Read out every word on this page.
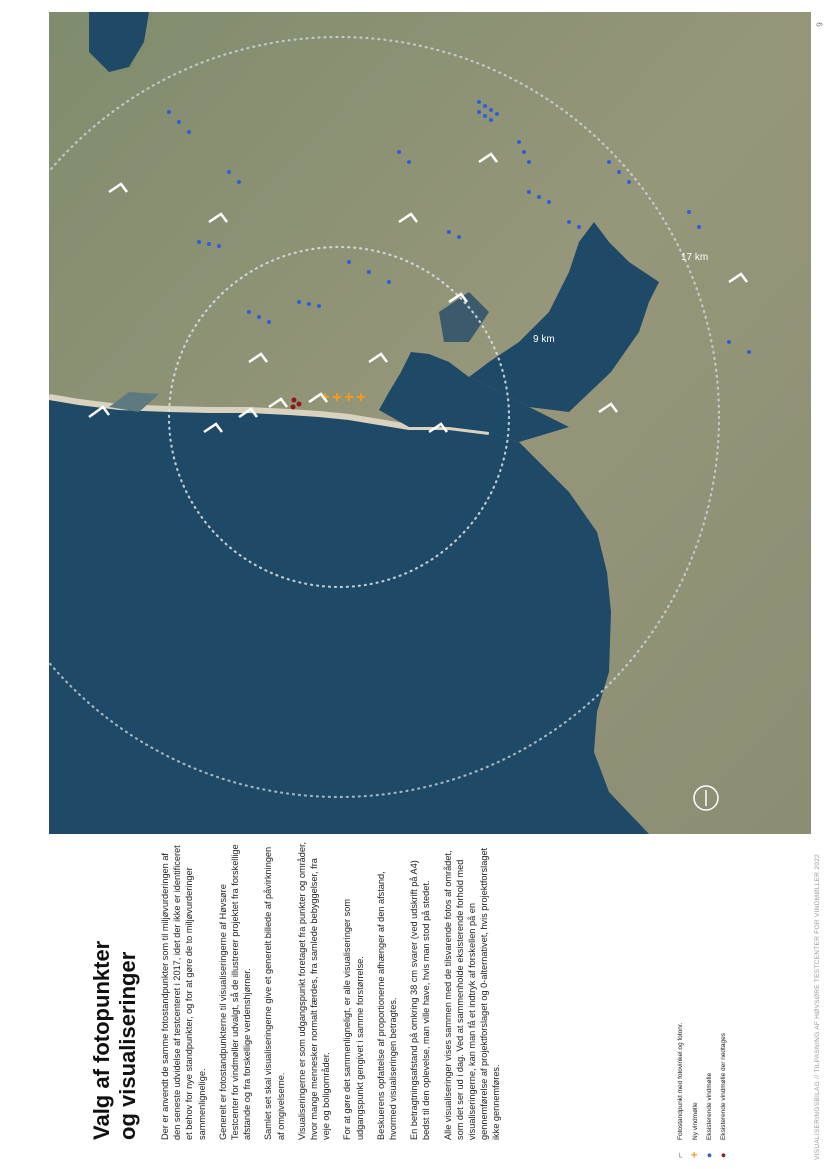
6
9 km
17 km
Valg af fotopunkter og visualiseringer Der er anvendt de samme fotostandpunkter som til miljøvurderingen af den seneste udvidelse af testcenteret i 2017, idet der ikke er identificeret et behov for nye standpunkter, og for at gøre de to miljøvurderinger sammenlignelige. Generelt er fotostandpunkterne til visualiseringerne af Høvsøre Testcenter for vindmøller udvalgt, så de illustrerer projektet fra forskellige afstande og fra forskellige verdenshjørner. Samlet set skal visualiseringerne give et generelt billede af påvirkningen af omgivelserne. Visualiseringerne er som udgangspunkt foretaget fra punkter og områder, hvor mange mennesker normalt færdes, fra samlede bebyggelser, fra veje og boligområder. For at gøre det sammenligneligt, er alle visualiseringer som udgangspunkt gengivet i samme forstørrelse. Beskuerens opfattelse af proportionerne afhænger af den afstand, hvormed visualiseringen betragtes. En betragtningsafstand på omkring 38 cm svarer (ved udskrift på A4) bedst til den oplevelse, man ville have, hvis man stod på stedet. Alle visualiseringer vises sammen med de tilsvarende fotos af området, som det ser ud i dag. Ved at sammenholde eksisterende forhold med visualiseringerne, kan man få et indtryk af forskellen på en gennemførelse af projektforslaget og 0-alternativet, hvis projektforslaget ikke gennemføres.

⌐
Fotostandpunkt med fotovinkel og fotonr.
+
Ny vindmølle
●
Eksisterende vindmølle
●
Eksisterende vindmølle der nedtages	VISUALISERINGSBILAG // TILPASNING AF HØVSØRE TESTCENTER FOR VINDMØLLER 2022
